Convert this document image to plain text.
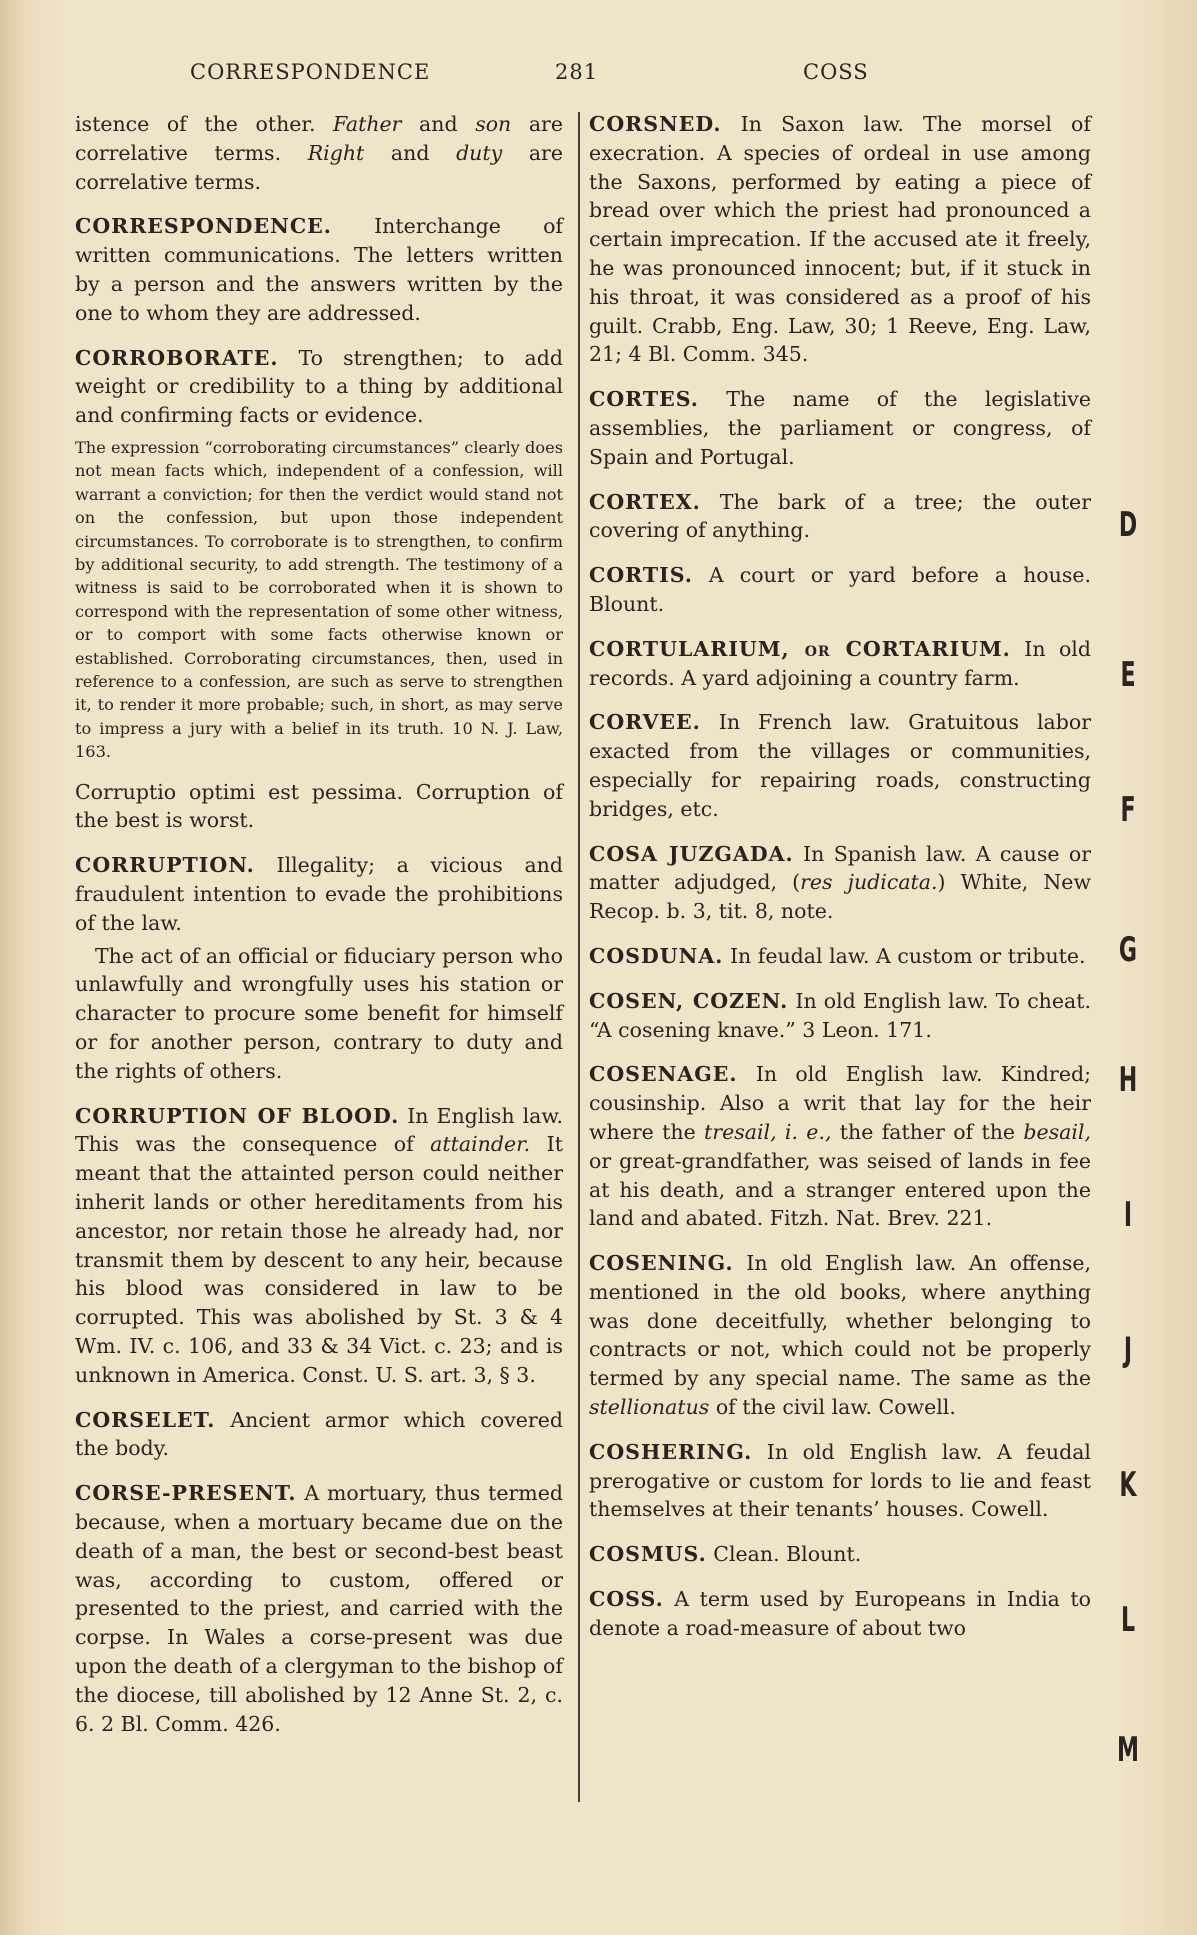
CORRESPONDENCE	281	COSS

istence of the other. Father and son are correlative terms. Right and duty are correlative terms.

CORRESPONDENCE. Interchange of written communications. The letters written by a person and the answers written by the one to whom they are addressed.

CORROBORATE. To strengthen; to add weight or credibility to a thing by additional and confirming facts or evidence.

The expression “corroborating circumstances” clearly does not mean facts which, independent of a confession, will warrant a conviction; for then the verdict would stand not on the confession, but upon those independent circumstances. To corroborate is to strengthen, to confirm by additional security, to add strength. The testimony of a witness is said to be corroborated when it is shown to correspond with the representation of some other witness, or to comport with some facts otherwise known or established. Corroborating circumstances, then, used in reference to a confession, are such as serve to strengthen it, to render it more probable; such, in short, as may serve to impress a jury with a belief in its truth. 10 N. J. Law, 163.

Corruptio optimi est pessima. Corruption of the best is worst.

CORRUPTION. Illegality; a vicious and fraudulent intention to evade the prohibitions of the law.

The act of an official or fiduciary person who unlawfully and wrongfully uses his station or character to procure some benefit for himself or for another person, contrary to duty and the rights of others.

CORRUPTION OF BLOOD. In English law. This was the consequence of attainder. It meant that the attainted person could neither inherit lands or other hereditaments from his ancestor, nor retain those he already had, nor transmit them by descent to any heir, because his blood was considered in law to be corrupted. This was abolished by St. 3 & 4 Wm. IV. c. 106, and 33 & 34 Vict. c. 23; and is unknown in America. Const. U. S. art. 3, § 3.

CORSELET. Ancient armor which covered the body.

CORSE-PRESENT. A mortuary, thus termed because, when a mortuary became due on the death of a man, the best or second-best beast was, according to custom, offered or presented to the priest, and carried with the corpse. In Wales a corse-present was due upon the death of a clergyman to the bishop of the diocese, till abolished by 12 Anne St. 2, c. 6. 2 Bl. Comm. 426.

CORSNED. In Saxon law. The morsel of execration. A species of ordeal in use among the Saxons, performed by eating a piece of bread over which the priest had pronounced a certain imprecation. If the accused ate it freely, he was pronounced innocent; but, if it stuck in his throat, it was considered as a proof of his guilt. Crabb, Eng. Law, 30; 1 Reeve, Eng. Law, 21; 4 Bl. Comm. 345.

CORTES. The name of the legislative assemblies, the parliament or congress, of Spain and Portugal.

CORTEX. The bark of a tree; the outer covering of anything.

CORTIS. A court or yard before a house. Blount.

CORTULARIUM, or CORTARIUM. In old records. A yard adjoining a country farm.

CORVEE. In French law. Gratuitous labor exacted from the villages or communities, especially for repairing roads, constructing bridges, etc.

COSA JUZGADA. In Spanish law. A cause or matter adjudged, (res judicata.) White, New Recop. b. 3, tit. 8, note.

COSDUNA. In feudal law. A custom or tribute.

COSEN, COZEN. In old English law. To cheat. “A cosening knave.” 3 Leon. 171.

COSENAGE. In old English law. Kindred; cousinship. Also a writ that lay for the heir where the tresail, i. e., the father of the besail, or great-grandfather, was seised of lands in fee at his death, and a stranger entered upon the land and abated. Fitzh. Nat. Brev. 221.

COSENING. In old English law. An offense, mentioned in the old books, where anything was done deceitfully, whether belonging to contracts or not, which could not be properly termed by any special name. The same as the stellionatus of the civil law. Cowell.

COSHERING. In old English law. A feudal prerogative or custom for lords to lie and feast themselves at their tenants’ houses. Cowell.

COSMUS. Clean. Blount.

COSS. A term used by Europeans in India to denote a road-measure of about two

D
E
F
G
H
I
J
K
L
M
